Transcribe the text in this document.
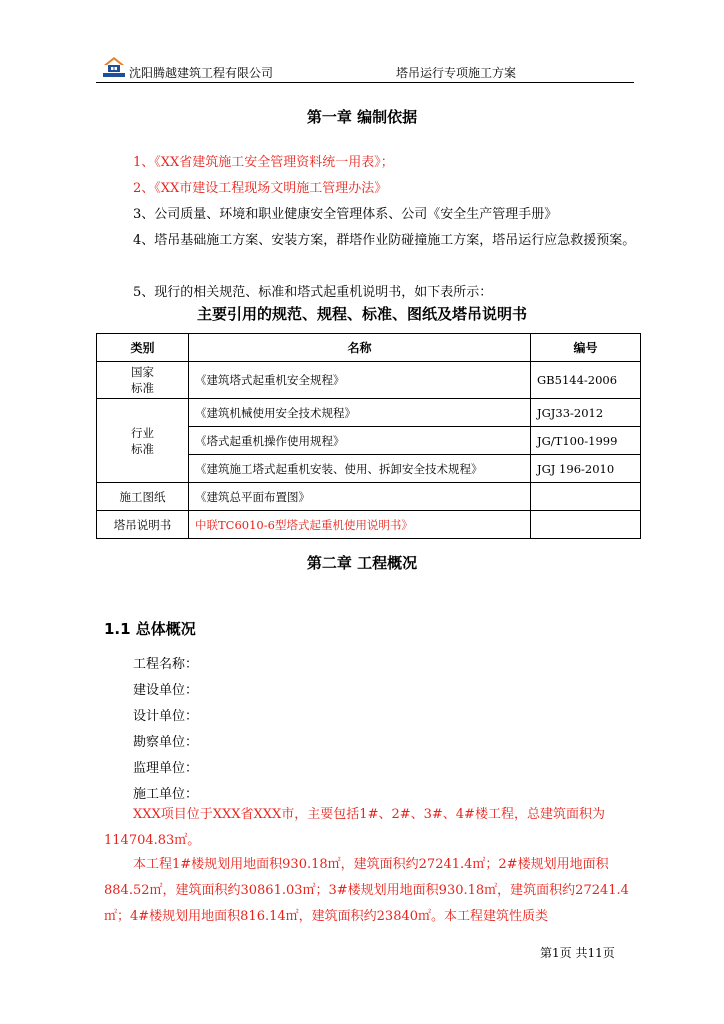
沈阳腾越建筑工程有限公司	塔吊运行专项施工方案
第一章 编制依据
1、《XX省建筑施工安全管理资料统一用表》；
2、《XX市建设工程现场文明施工管理办法》
3、公司质量、环境和职业健康安全管理体系、公司《安全生产管理手册》
4、塔吊基础施工方案、安装方案，群塔作业防碰撞施工方案，塔吊运行应急救援预案。
5、现行的相关规范、标准和塔式起重机说明书，如下表所示：
主要引用的规范、规程、标准、图纸及塔吊说明书
类别	名称	编号
国家标准	《建筑塔式起重机安全规程》	GB5144-2006
行业标准	《建筑机械使用安全技术规程》	JGJ33-2012
	《塔式起重机操作使用规程》	JG/T100-1999
	《建筑施工塔式起重机安装、使用、拆卸安全技术规程》	JGJ 196-2010
施工图纸	《建筑总平面布置图》	
塔吊说明书	中联TC6010-6型塔式起重机使用说明书》	
第二章 工程概况
1.1 总体概况
工程名称：
建设单位：
设计单位：
勘察单位：
监理单位：
施工单位：
XXX项目位于XXX省XXX市，主要包括1#、2#、3#、4#楼工程，总建筑面积为114704.83㎡。
本工程1#楼规划用地面积930.18㎡，建筑面积约27241.4㎡；2#楼规划用地面积884.52㎡，建筑面积约30861.03㎡；3#楼规划用地面积930.18㎡，建筑面积约27241.4㎡；4#楼规划用地面积816.14㎡，建筑面积约23840㎡。本工程建筑性质类
第1页 共11页
